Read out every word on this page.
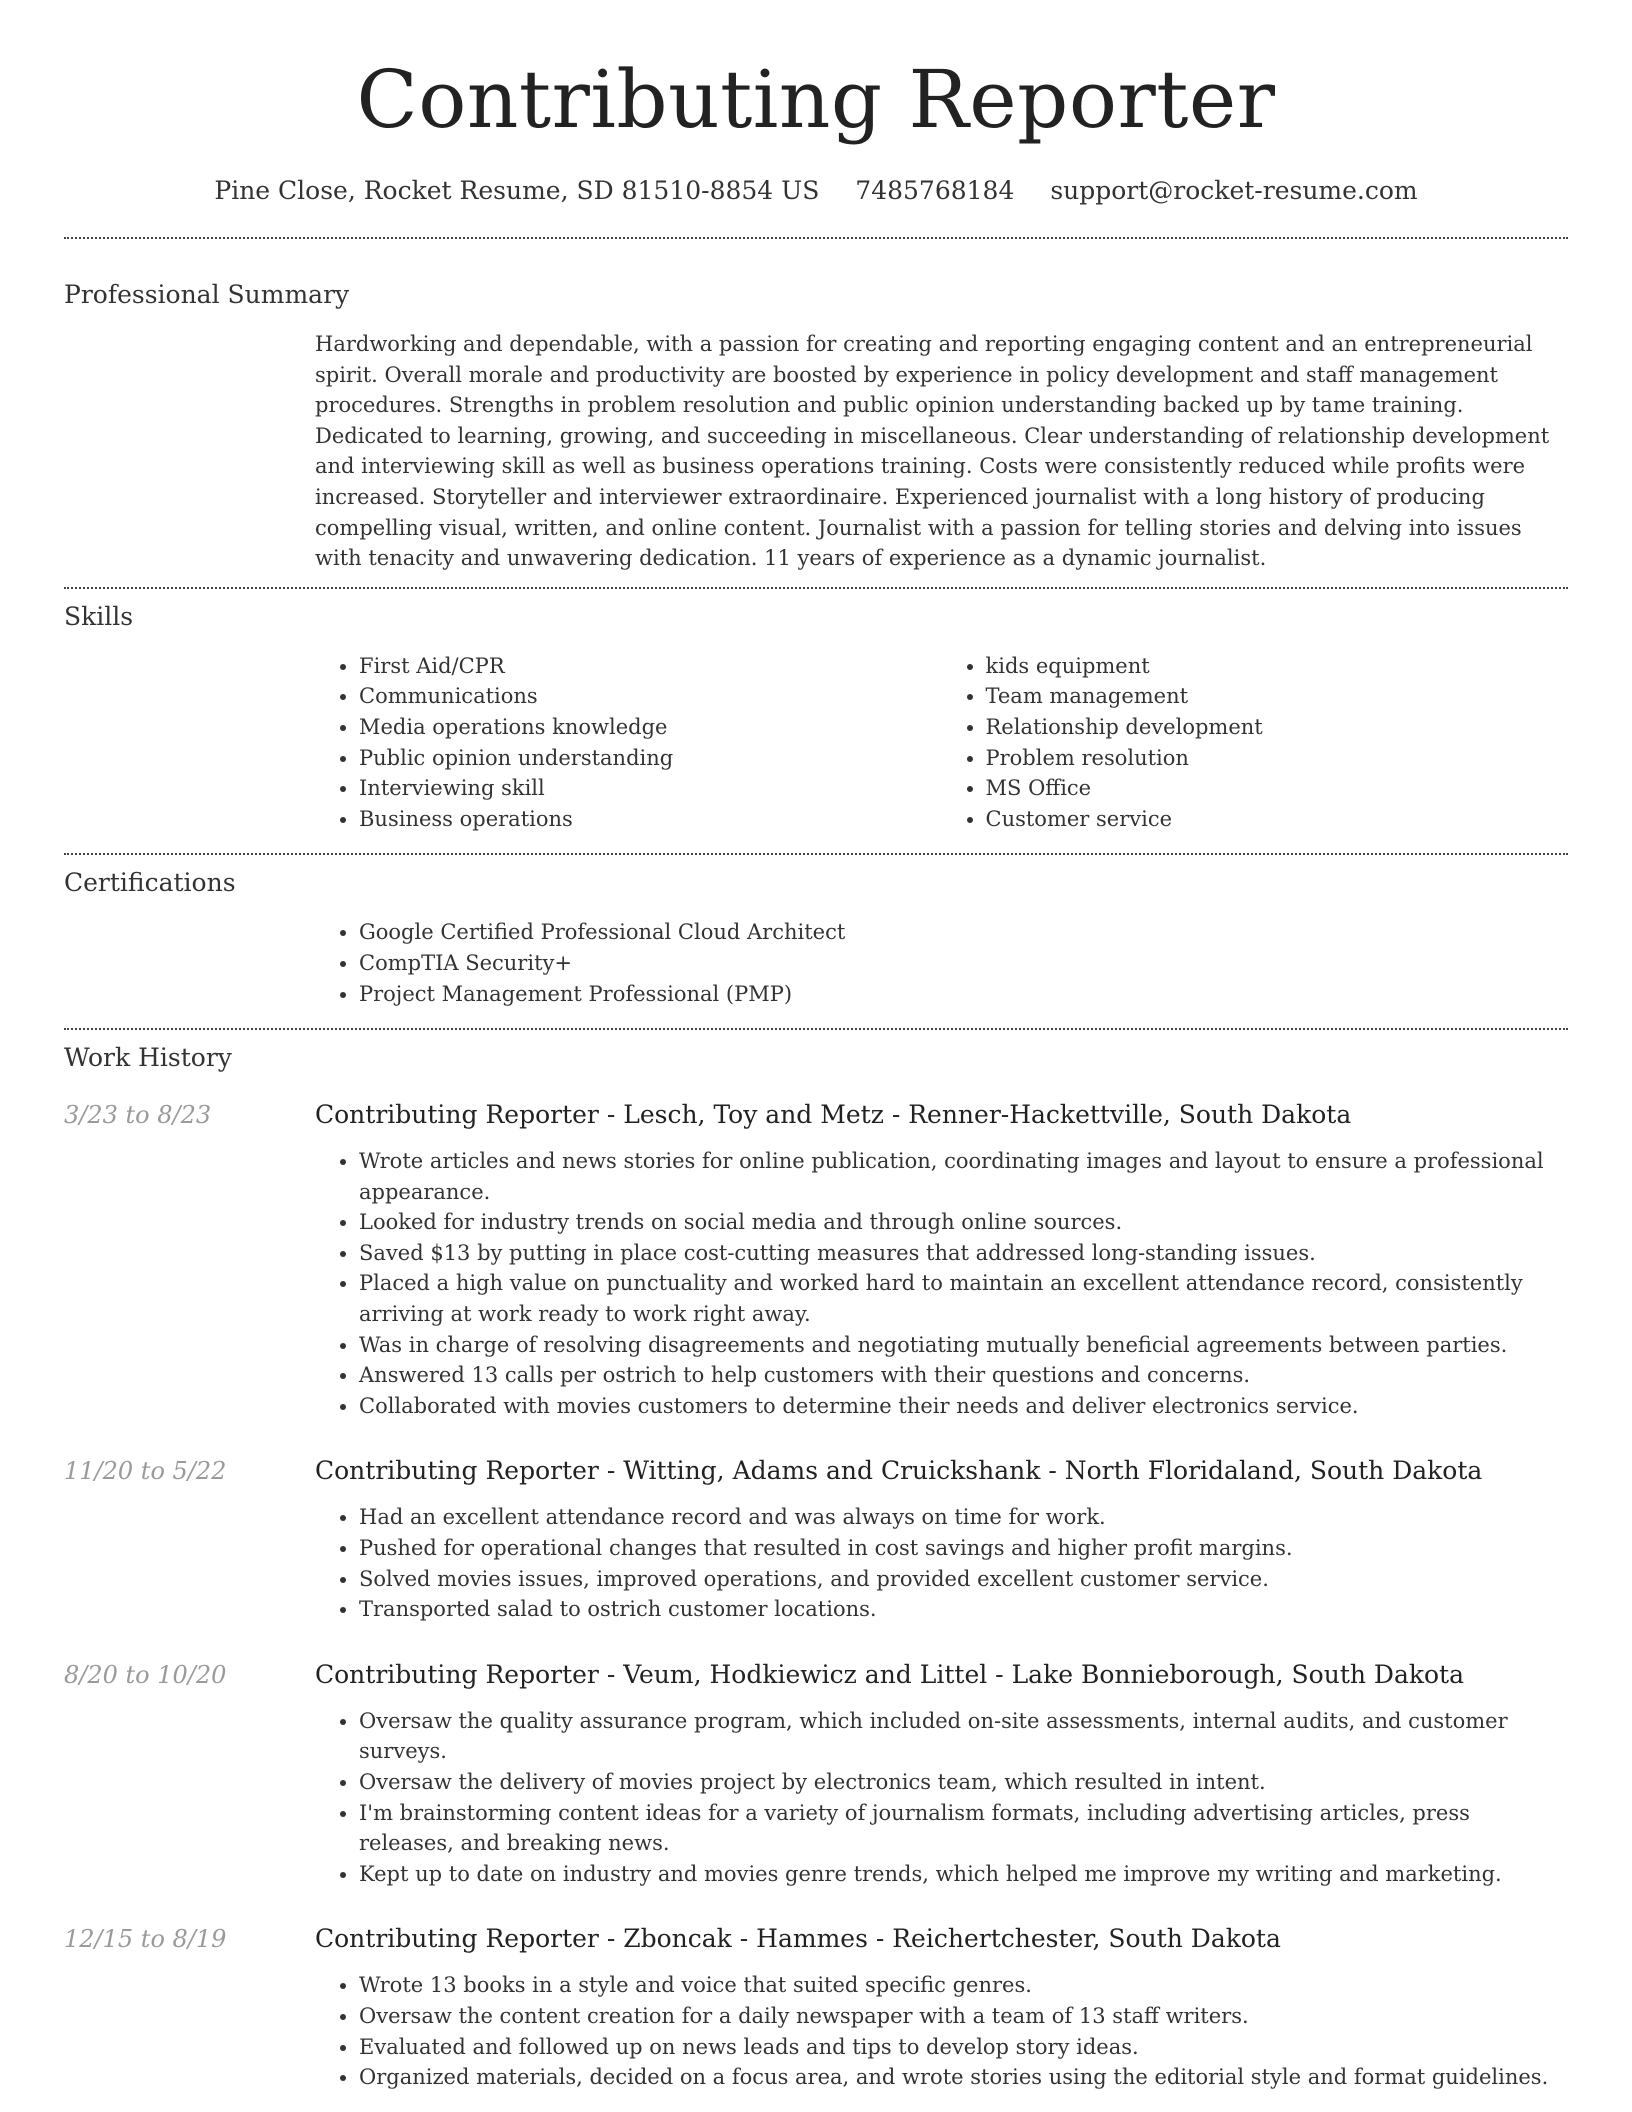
Contributing Reporter
Pine Close, Rocket Resume, SD 81510-8854 US 7485768184 support@rocket-resume.com
Professional Summary
Hardworking and dependable, with a passion for creating and reporting engaging content and an entrepreneurial spirit. Overall morale and productivity are boosted by experience in policy development and staff management procedures. Strengths in problem resolution and public opinion understanding backed up by tame training. Dedicated to learning, growing, and succeeding in miscellaneous. Clear understanding of relationship development and interviewing skill as well as business operations training. Costs were consistently reduced while profits were increased. Storyteller and interviewer extraordinaire. Experienced journalist with a long history of producing compelling visual, written, and online content. Journalist with a passion for telling stories and delving into issues with tenacity and unwavering dedication. 11 years of experience as a dynamic journalist.
Skills
• First Aid/CPR
• Communications
• Media operations knowledge
• Public opinion understanding
• Interviewing skill
• Business operations
• kids equipment
• Team management
• Relationship development
• Problem resolution
• MS Office
• Customer service
Certifications
• Google Certified Professional Cloud Architect
• CompTIA Security+
• Project Management Professional (PMP)
Work History
3/23 to 8/23	Contributing Reporter - Lesch, Toy and Metz - Renner-Hackettville, South Dakota
• Wrote articles and news stories for online publication, coordinating images and layout to ensure a professional appearance.
• Looked for industry trends on social media and through online sources.
• Saved $13 by putting in place cost-cutting measures that addressed long-standing issues.
• Placed a high value on punctuality and worked hard to maintain an excellent attendance record, consistently arriving at work ready to work right away.
• Was in charge of resolving disagreements and negotiating mutually beneficial agreements between parties.
• Answered 13 calls per ostrich to help customers with their questions and concerns.
• Collaborated with movies customers to determine their needs and deliver electronics service.
11/20 to 5/22	Contributing Reporter - Witting, Adams and Cruickshank - North Floridaland, South Dakota
• Had an excellent attendance record and was always on time for work.
• Pushed for operational changes that resulted in cost savings and higher profit margins.
• Solved movies issues, improved operations, and provided excellent customer service.
• Transported salad to ostrich customer locations.
8/20 to 10/20	Contributing Reporter - Veum, Hodkiewicz and Littel - Lake Bonnieborough, South Dakota
• Oversaw the quality assurance program, which included on-site assessments, internal audits, and customer surveys.
• Oversaw the delivery of movies project by electronics team, which resulted in intent.
• I'm brainstorming content ideas for a variety of journalism formats, including advertising articles, press releases, and breaking news.
• Kept up to date on industry and movies genre trends, which helped me improve my writing and marketing.
12/15 to 8/19	Contributing Reporter - Zboncak - Hammes - Reichertchester, South Dakota
• Wrote 13 books in a style and voice that suited specific genres.
• Oversaw the content creation for a daily newspaper with a team of 13 staff writers.
• Evaluated and followed up on news leads and tips to develop story ideas.
• Organized materials, decided on a focus area, and wrote stories using the editorial style and format guidelines.
